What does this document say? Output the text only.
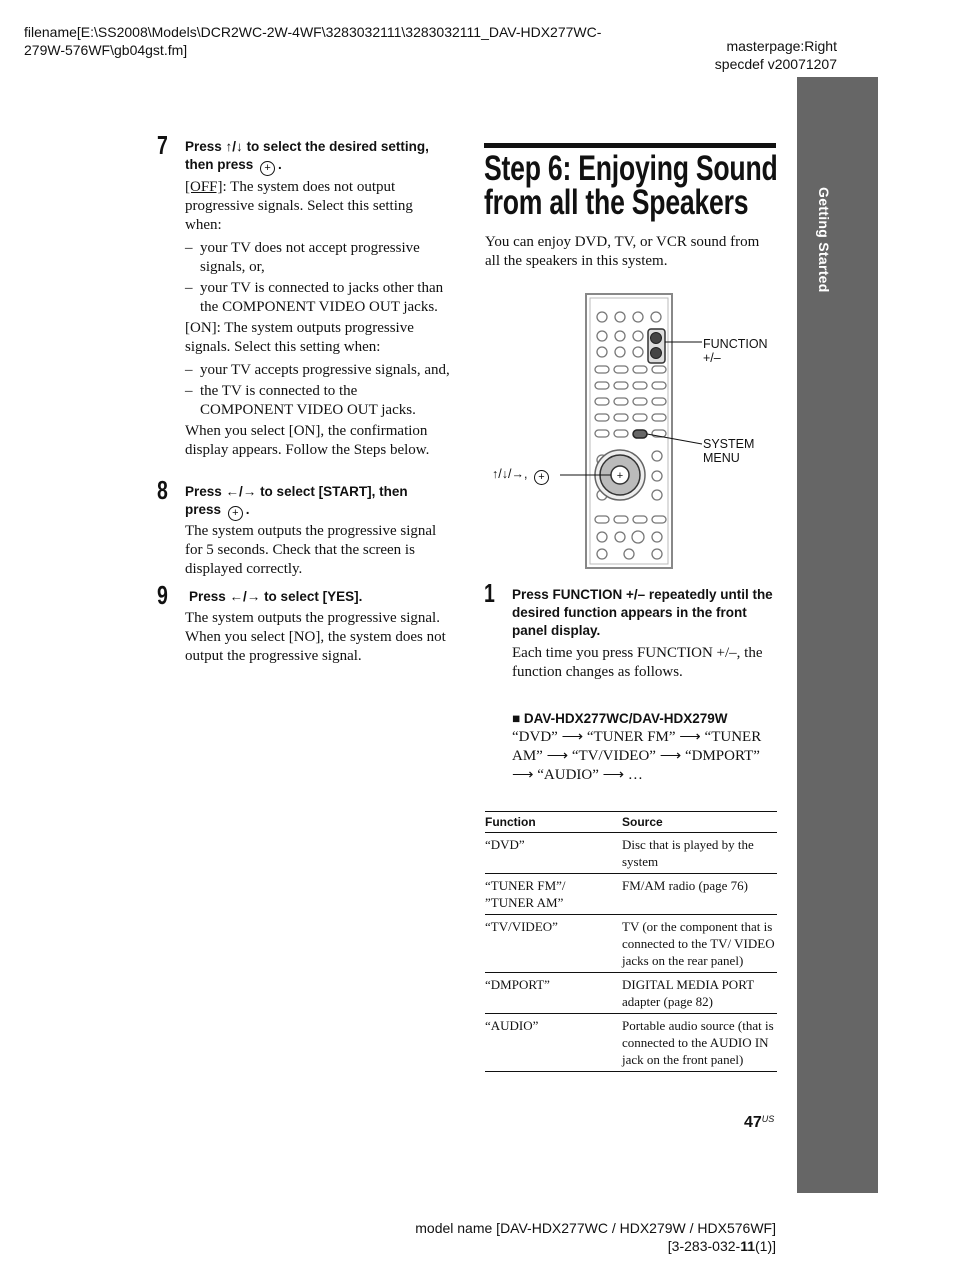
filename[E:\SS2008\Models\DCR2WC-2W-4WF\3283032111\3283032111_DAV-HDX277WC-
279W-576WF\gb04gst.fm]	masterpage:Right
specdef v20071207
Getting Started
7 Press ↑/↓ to select the desired setting,
then press + .

[OFF]: The system does not output progressive signals. Select this setting when:

–  your TV does not accept progressive signals, or,

–  your TV is connected to jacks other than the COMPONENT VIDEO OUT jacks.

[ON]: The system outputs progressive signals. Select this setting when:

–  your TV accepts progressive signals, and,

–  the TV is connected to the COMPONENT VIDEO OUT jacks.

When you select [ON], the confirmation display appears. Follow the Steps below.

8 Press ←/→ to select [START], then
press + .
The system outputs the progressive signal for 5 seconds. Check that the screen is displayed correctly.
9 Press ←/→ to select [YES].
The system outputs the progressive signal. When you select [NO], the system does not output the progressive signal.
Step 6: Enjoying Sound
from all the Speakers
You can enjoy DVD, TV, or VCR sound from all the speakers in this system.
+
FUNCTION
+/–
SYSTEM
MENU
↑/↓/→, +
1 Press FUNCTION +/– repeatedly until the desired function appears in the front panel display.
Each time you press FUNCTION +/–, the function changes as follows.
■ DAV-HDX277WC/DAV-HDX279W
“DVD” ⟶ “TUNER FM” ⟶ “TUNER AM” ⟶ “TV/VIDEO” ⟶ “DMPORT” ⟶ “AUDIO” ⟶ …
Function	Source
“DVD”	Disc that is played by the system
“TUNER FM”/ ”TUNER AM”	FM/AM radio (page 76)
“TV/VIDEO”	TV (or the component that is connected to the TV/ VIDEO jacks on the rear panel)
“DMPORT”	DIGITAL MEDIA PORT adapter (page 82)
“AUDIO”	Portable audio source (that is connected to the AUDIO IN jack on the front panel)
$47^{US}$
model name [DAV-HDX277WC / HDX279W / HDX576WF]
[3-283-032-11(1)]
